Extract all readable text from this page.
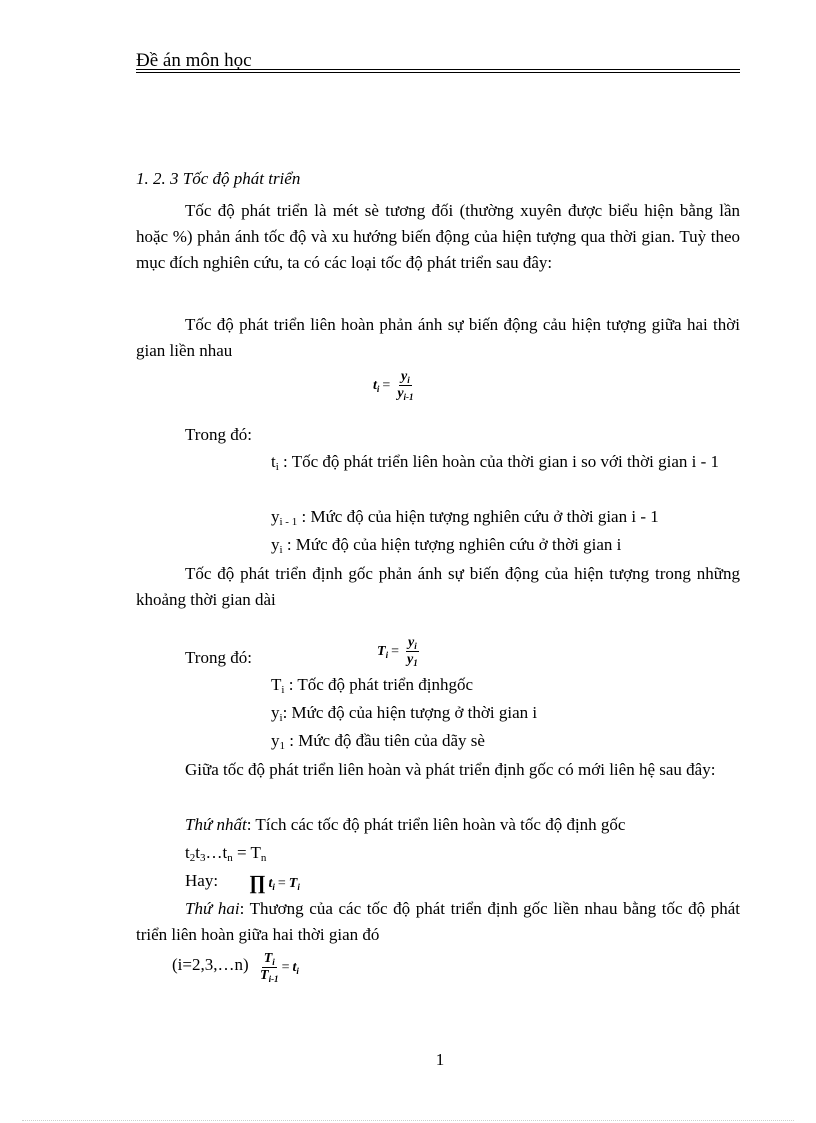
Đề án môn học
1. 2. 3 Tốc độ phát triển
Tốc độ phát triển là mét sè tương đối (thường xuyên được biểu hiện bằng lần hoặc %) phản ánh tốc độ và xu hướng biến động của hiện tượng qua thời gian. Tuỳ theo mục đích nghiên cứu, ta có các loại tốc độ phát triển sau đây:
Tốc độ phát triển liên hoàn phản ánh sự biến động cảu hiện tượng giữa hai thời gian liền nhau
$t_i = \frac{y_i}{y_{i-1}}$
Trong đó:
$t_i$ : Tốc độ phát triển liên hoàn của thời gian i so với thời gian i - 1
$y_{i - 1}$ : Mức độ của hiện tượng nghiên cứu ở thời gian i - 1
$y_i$ : Mức độ của hiện tượng nghiên cứu ở thời gian i
Tốc độ phát triển định gốc phản ánh sự biến động của hiện tượng trong những khoảng thời gian dài
Trong đó:	$T_i = \frac{y_i}{y_1}$
$T_i$ : Tốc độ phát triển địnhgốc
$y_i$: Mức độ của hiện tượng ở thời gian i
$y_1$ : Mức độ đầu tiên của dãy sè
Giữa tốc độ phát triển liên hoàn và phát triển định gốc có mới liên hệ sau đây:
Thứ nhất: Tích các tốc độ phát triển liên hoàn và tốc độ định gốc
$t_2t_3\dots t_n = T_n$
Hay: ∏ $t_i = T_i$
Thứ hai: Thương của các tốc độ phát triển định gốc liền nhau bằng tốc độ phát triển liên hoàn giữa hai thời gian đó
(i=2,3,…n) $\frac{T_i}{T_{i-1}} = t_i$
1
